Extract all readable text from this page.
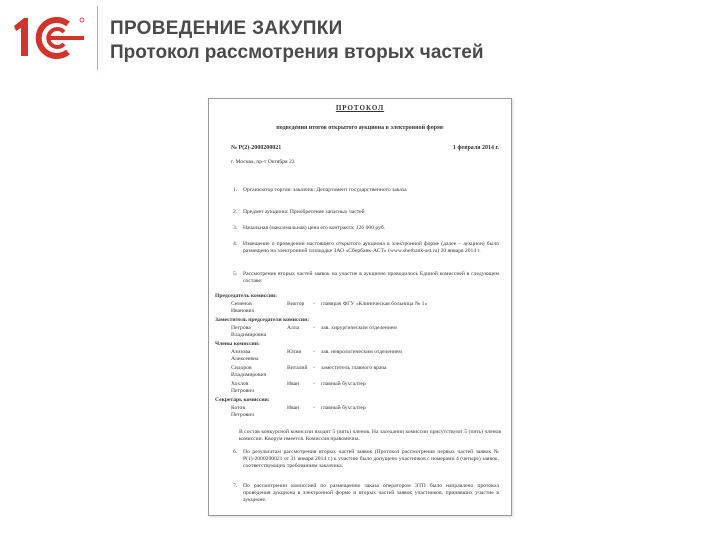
ПРОВЕДЕНИЕ ЗАКУПКИ
Протокол рассмотрения вторых частей
ПРОТОКОЛ
подведения итогов открытого аукциона в электронной форме
№ Р(2)-2000200021	1 февраля 2014 г.
г. Москва, пр-т Октября 23
1. Организатор торгов: заказчик: Департамент государственного заказа
2. Предмет аукциона: Приобретение запасных частей
3. Начальная (максимальная) цена его контракта: 126 000 руб.
4. Извещение о проведении настоящего открытого аукциона в электронной форме (далее – аукцион) было размещено на электронной площадке ЗАО «Сбербанк-АСТ» (www.sberbank-ast.ru) 20 января 2014 г.
5. Рассмотрение вторых частей заявок на участие в аукционе проводилось Единой комиссией в следующем составе:
Председатель комиссии:
Семенов	Виктор - главврач ФГУ «Клиническая больница № 1»
Иванович
Заместитель председателя комиссии:
Петрова	Алла - зав. хирургическим отделением
Владимировна
Члены комиссии:
Азизова	Юлия - зав. неврологическим отделением
Алексеевна
Сидоров	Виталий - заместитель главного врача
Владимирович
Хохлов	Иван - главный бухгалтер
Петрович
Секретарь комиссии:
Котов	Иван - главный бухгалтер
Петрович
В состав конкурсной комиссии входит 5 (пять) членов. На заседании комиссии присутствуют 5 (пять) членов комиссии. Кворум имеется. Комиссия правомочна.
6. По результатам рассмотрения вторых частей заявок (Протокол рассмотрения первых частей заявок № Р(1)-2000200021 от 31 января 2014 г.) к участию было допущено участников с номерами 4 (четыре) заявок, соответствующих требованиям заказчика.
7. По рассмотрении комиссией по размещению заказа оператором ЭТП было направлено протокол проведения аукциона в электронной форме и вторых частей заявок участников, принявших участие в аукционе.
